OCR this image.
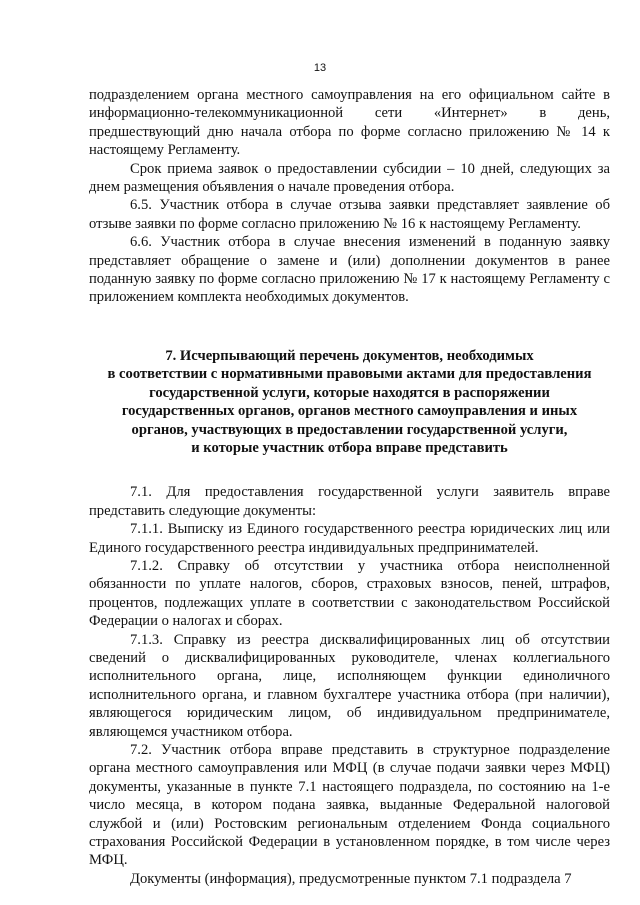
13

подразделением органа местного самоуправления на его официальном сайте в информационно-телекоммуникационной сети «Интернет» в день, предшествующий дню начала отбора по форме согласно приложению № 14 к настоящему Регламенту.

Срок приема заявок о предоставлении субсидии – 10 дней, следующих за днем размещения объявления о начале проведения отбора.

6.5. Участник отбора в случае отзыва заявки представляет заявление об отзыве заявки по форме согласно приложению № 16 к настоящему Регламенту.

6.6. Участник отбора в случае внесения изменений в поданную заявку представляет обращение о замене и (или) дополнении документов в ранее поданную заявку по форме согласно приложению № 17 к настоящему Регламенту с приложением комплекта необходимых документов.

7. Исчерпывающий перечень документов, необходимых
в соответствии с нормативными правовыми актами для предоставления
государственной услуги, которые находятся в распоряжении
государственных органов, органов местного самоуправления и иных
органов, участвующих в предоставлении государственной услуги,
и которые участник отбора вправе представить

7.1. Для предоставления государственной услуги заявитель вправе представить следующие документы:

7.1.1. Выписку из Единого государственного реестра юридических лиц или Единого государственного реестра индивидуальных предпринимателей.

7.1.2. Справку об отсутствии у участника отбора неисполненной обязанности по уплате налогов, сборов, страховых взносов, пеней, штрафов, процентов, подлежащих уплате в соответствии с законодательством Российской Федерации о налогах и сборах.

7.1.3. Справку из реестра дисквалифицированных лиц об отсутствии сведений о дисквалифицированных руководителе, членах коллегиального исполнительного органа, лице, исполняющем функции единоличного исполнительного органа, и главном бухгалтере участника отбора (при наличии), являющегося юридическим лицом, об индивидуальном предпринимателе, являющемся участником отбора.

7.2. Участник отбора вправе представить в структурное подразделение органа местного самоуправления или МФЦ (в случае подачи заявки через МФЦ) документы, указанные в пункте 7.1 настоящего подраздела, по состоянию на 1-е число месяца, в котором подана заявка, выданные Федеральной налоговой службой и (или) Ростовским региональным отделением Фонда социального страхования Российской Федерации в установленном порядке, в том числе через МФЦ.

Документы (информация), предусмотренные пунктом 7.1 подраздела 7
